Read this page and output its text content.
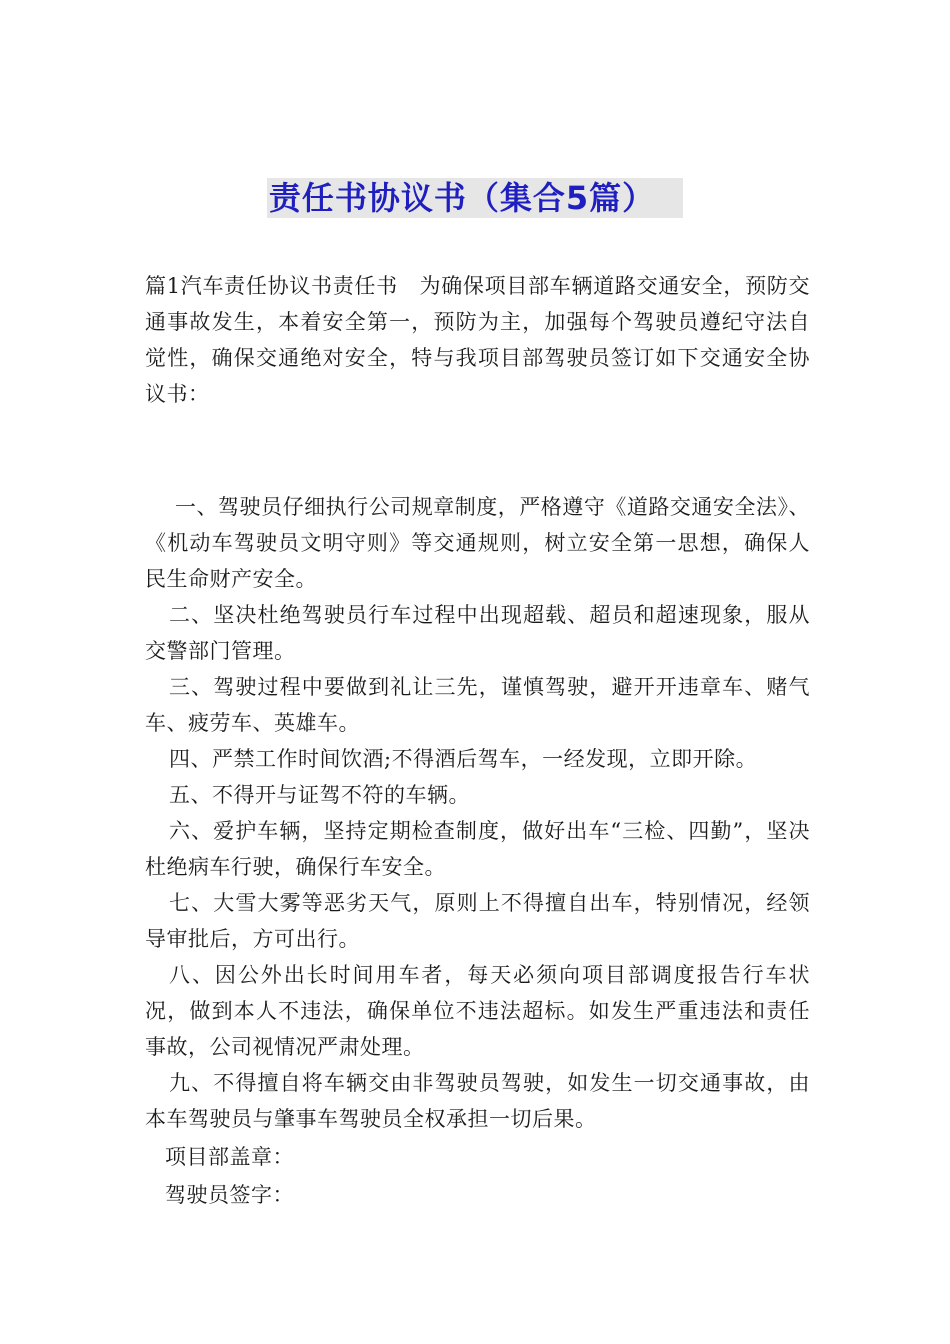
责任书协议书（集合5篇）

篇1汽车责任协议书责任书　为确保项目部车辆道路交通安全，预防交通事故发生，本着安全第一，预防为主，加强每个驾驶员遵纪守法自觉性，确保交通绝对安全，特与我项目部驾驶员签订如下交通安全协议书：

一、驾驶员仔细执行公司规章制度，严格遵守《道路交通安全法》、《机动车驾驶员文明守则》等交通规则，树立安全第一思想，确保人民生命财产安全。

二、坚决杜绝驾驶员行车过程中出现超载、超员和超速现象，服从交警部门管理。

三、驾驶过程中要做到礼让三先，谨慎驾驶，避开开违章车、赌气车、疲劳车、英雄车。

四、严禁工作时间饮酒;不得酒后驾车，一经发现，立即开除。

五、不得开与证驾不符的车辆。

六、爱护车辆，坚持定期检查制度，做好出车“三检、四勤”，坚决杜绝病车行驶，确保行车安全。

七、大雪大雾等恶劣天气，原则上不得擅自出车，特别情况，经领导审批后，方可出行。

八、因公外出长时间用车者，每天必须向项目部调度报告行车状况，做到本人不违法，确保单位不违法超标。如发生严重违法和责任事故，公司视情况严肃处理。

九、不得擅自将车辆交由非驾驶员驾驶，如发生一切交通事故，由本车驾驶员与肇事车驾驶员全权承担一切后果。

项目部盖章：

驾驶员签字：
